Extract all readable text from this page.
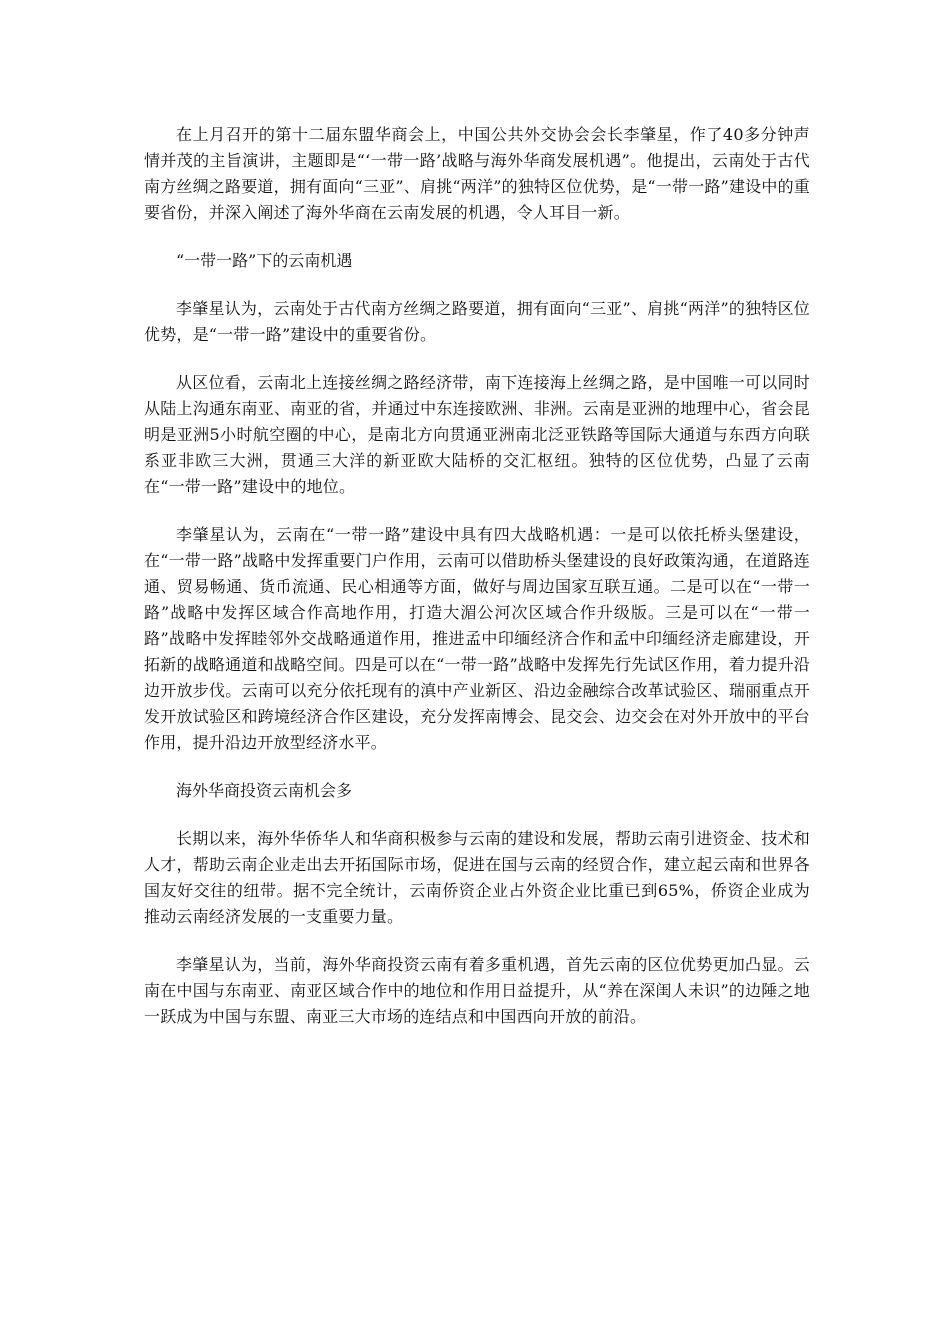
在上月召开的第十二届东盟华商会上，中国公共外交协会会长李肇星，作了40多分钟声情并茂的主旨演讲，主题即是“‘一带一路’战略与海外华商发展机遇”。他提出，云南处于古代南方丝绸之路要道，拥有面向“三亚”、肩挑“两洋”的独特区位优势，是“一带一路”建设中的重要省份，并深入阐述了海外华商在云南发展的机遇，令人耳目一新。

“一带一路”下的云南机遇

李肇星认为，云南处于古代南方丝绸之路要道，拥有面向“三亚”、肩挑“两洋”的独特区位优势，是“一带一路”建设中的重要省份。

从区位看，云南北上连接丝绸之路经济带，南下连接海上丝绸之路，是中国唯一可以同时从陆上沟通东南亚、南亚的省，并通过中东连接欧洲、非洲。云南是亚洲的地理中心，省会昆明是亚洲5小时航空圈的中心，是南北方向贯通亚洲南北泛亚铁路等国际大通道与东西方向联系亚非欧三大洲，贯通三大洋的新亚欧大陆桥的交汇枢纽。独特的区位优势，凸显了云南在“一带一路”建设中的地位。

李肇星认为，云南在“一带一路”建设中具有四大战略机遇：一是可以依托桥头堡建设，在“一带一路”战略中发挥重要门户作用，云南可以借助桥头堡建设的良好政策沟通，在道路连通、贸易畅通、货币流通、民心相通等方面，做好与周边国家互联互通。二是可以在“一带一路”战略中发挥区域合作高地作用，打造大湄公河次区域合作升级版。三是可以在“一带一路”战略中发挥睦邻外交战略通道作用，推进孟中印缅经济合作和孟中印缅经济走廊建设，开拓新的战略通道和战略空间。四是可以在“一带一路”战略中发挥先行先试区作用，着力提升沿边开放步伐。云南可以充分依托现有的滇中产业新区、沿边金融综合改革试验区、瑞丽重点开发开放试验区和跨境经济合作区建设，充分发挥南博会、昆交会、边交会在对外开放中的平台作用，提升沿边开放型经济水平。

海外华商投资云南机会多

长期以来，海外华侨华人和华商积极参与云南的建设和发展，帮助云南引进资金、技术和人才，帮助云南企业走出去开拓国际市场，促进在国与云南的经贸合作，建立起云南和世界各国友好交往的纽带。据不完全统计，云南侨资企业占外资企业比重已到65%，侨资企业成为推动云南经济发展的一支重要力量。

李肇星认为，当前，海外华商投资云南有着多重机遇，首先云南的区位优势更加凸显。云南在中国与东南亚、南亚区域合作中的地位和作用日益提升，从“养在深闺人未识”的边陲之地一跃成为中国与东盟、南亚三大市场的连结点和中国西向开放的前沿。
